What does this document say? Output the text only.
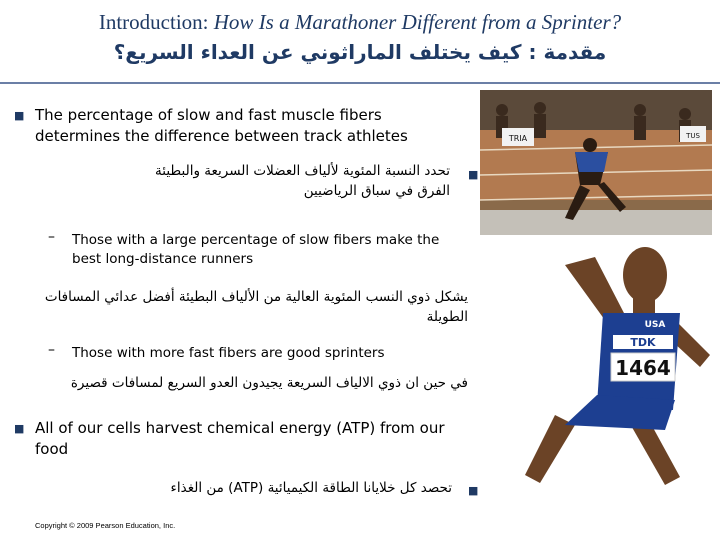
Introduction: How Is a Marathoner Different from a Sprinter?
مقدمة : كيف يختلف الماراثوني عن العداء السريع؟
■ The percentage of slow and fast muscle fibers determines the difference between track athletes
■
تحدد النسبة المئوية لألياف العضلات السريعة والبطيئة الفرق في سباق الرياضيين
– Those with a large percentage of slow fibers make the best long-distance runners
يشكل ذوي النسب المئوية العالية من الألياف البطيئة أفضل عدائي المسافات الطويلة
– Those with more fast fibers are good sprinters
في حين ان ذوي الالياف السريعة يجيدون العدو السريع لمسافات قصيرة
■ All of our cells harvest chemical energy (ATP) from our food
■
تحصد كل خلايانا الطاقة الكيميائية (ATP) من الغذاء
TRIA	TUS
TDK
1464
USA
Copyright © 2009 Pearson Education, Inc.
